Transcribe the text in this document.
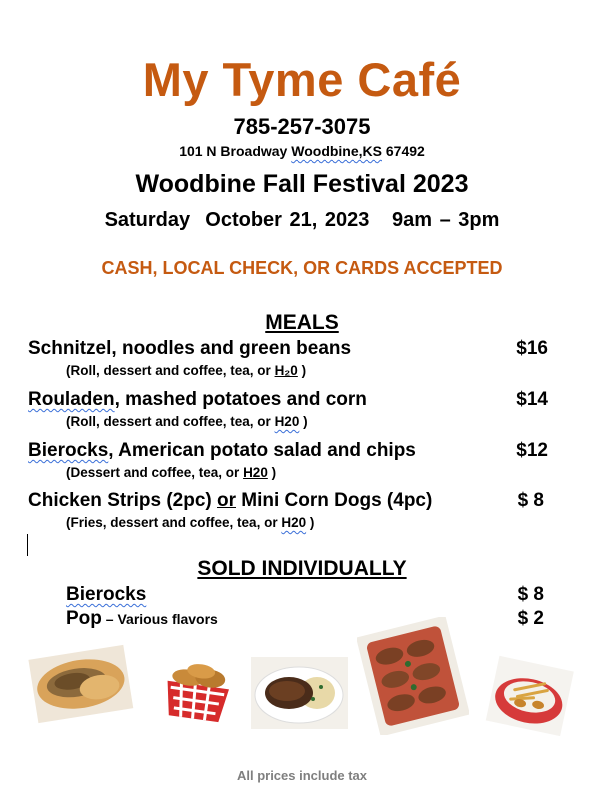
My Tyme Café
785-257-3075
101 N Broadway Woodbine,KS 67492
Woodbine Fall Festival 2023
Saturday  October 21, 2023   9am – 3pm
CASH, LOCAL CHECK, OR CARDS ACCEPTED
MEALS
Schnitzel, noodles and green beans	$16
(Roll, dessert and coffee, tea, or H₂0 )
Rouladen, mashed potatoes and corn	$14
(Roll, dessert and coffee, tea, or H20 )
Bierocks, American potato salad and chips	$12
(Dessert and coffee, tea, or H20 )
Chicken Strips (2pc) or Mini Corn Dogs (4pc)	$ 8
(Fries, dessert and coffee, tea, or H20 )
SOLD INDIVIDUALLY
Bierocks	$ 8
Pop – Various flavors	$ 2
All prices include tax
